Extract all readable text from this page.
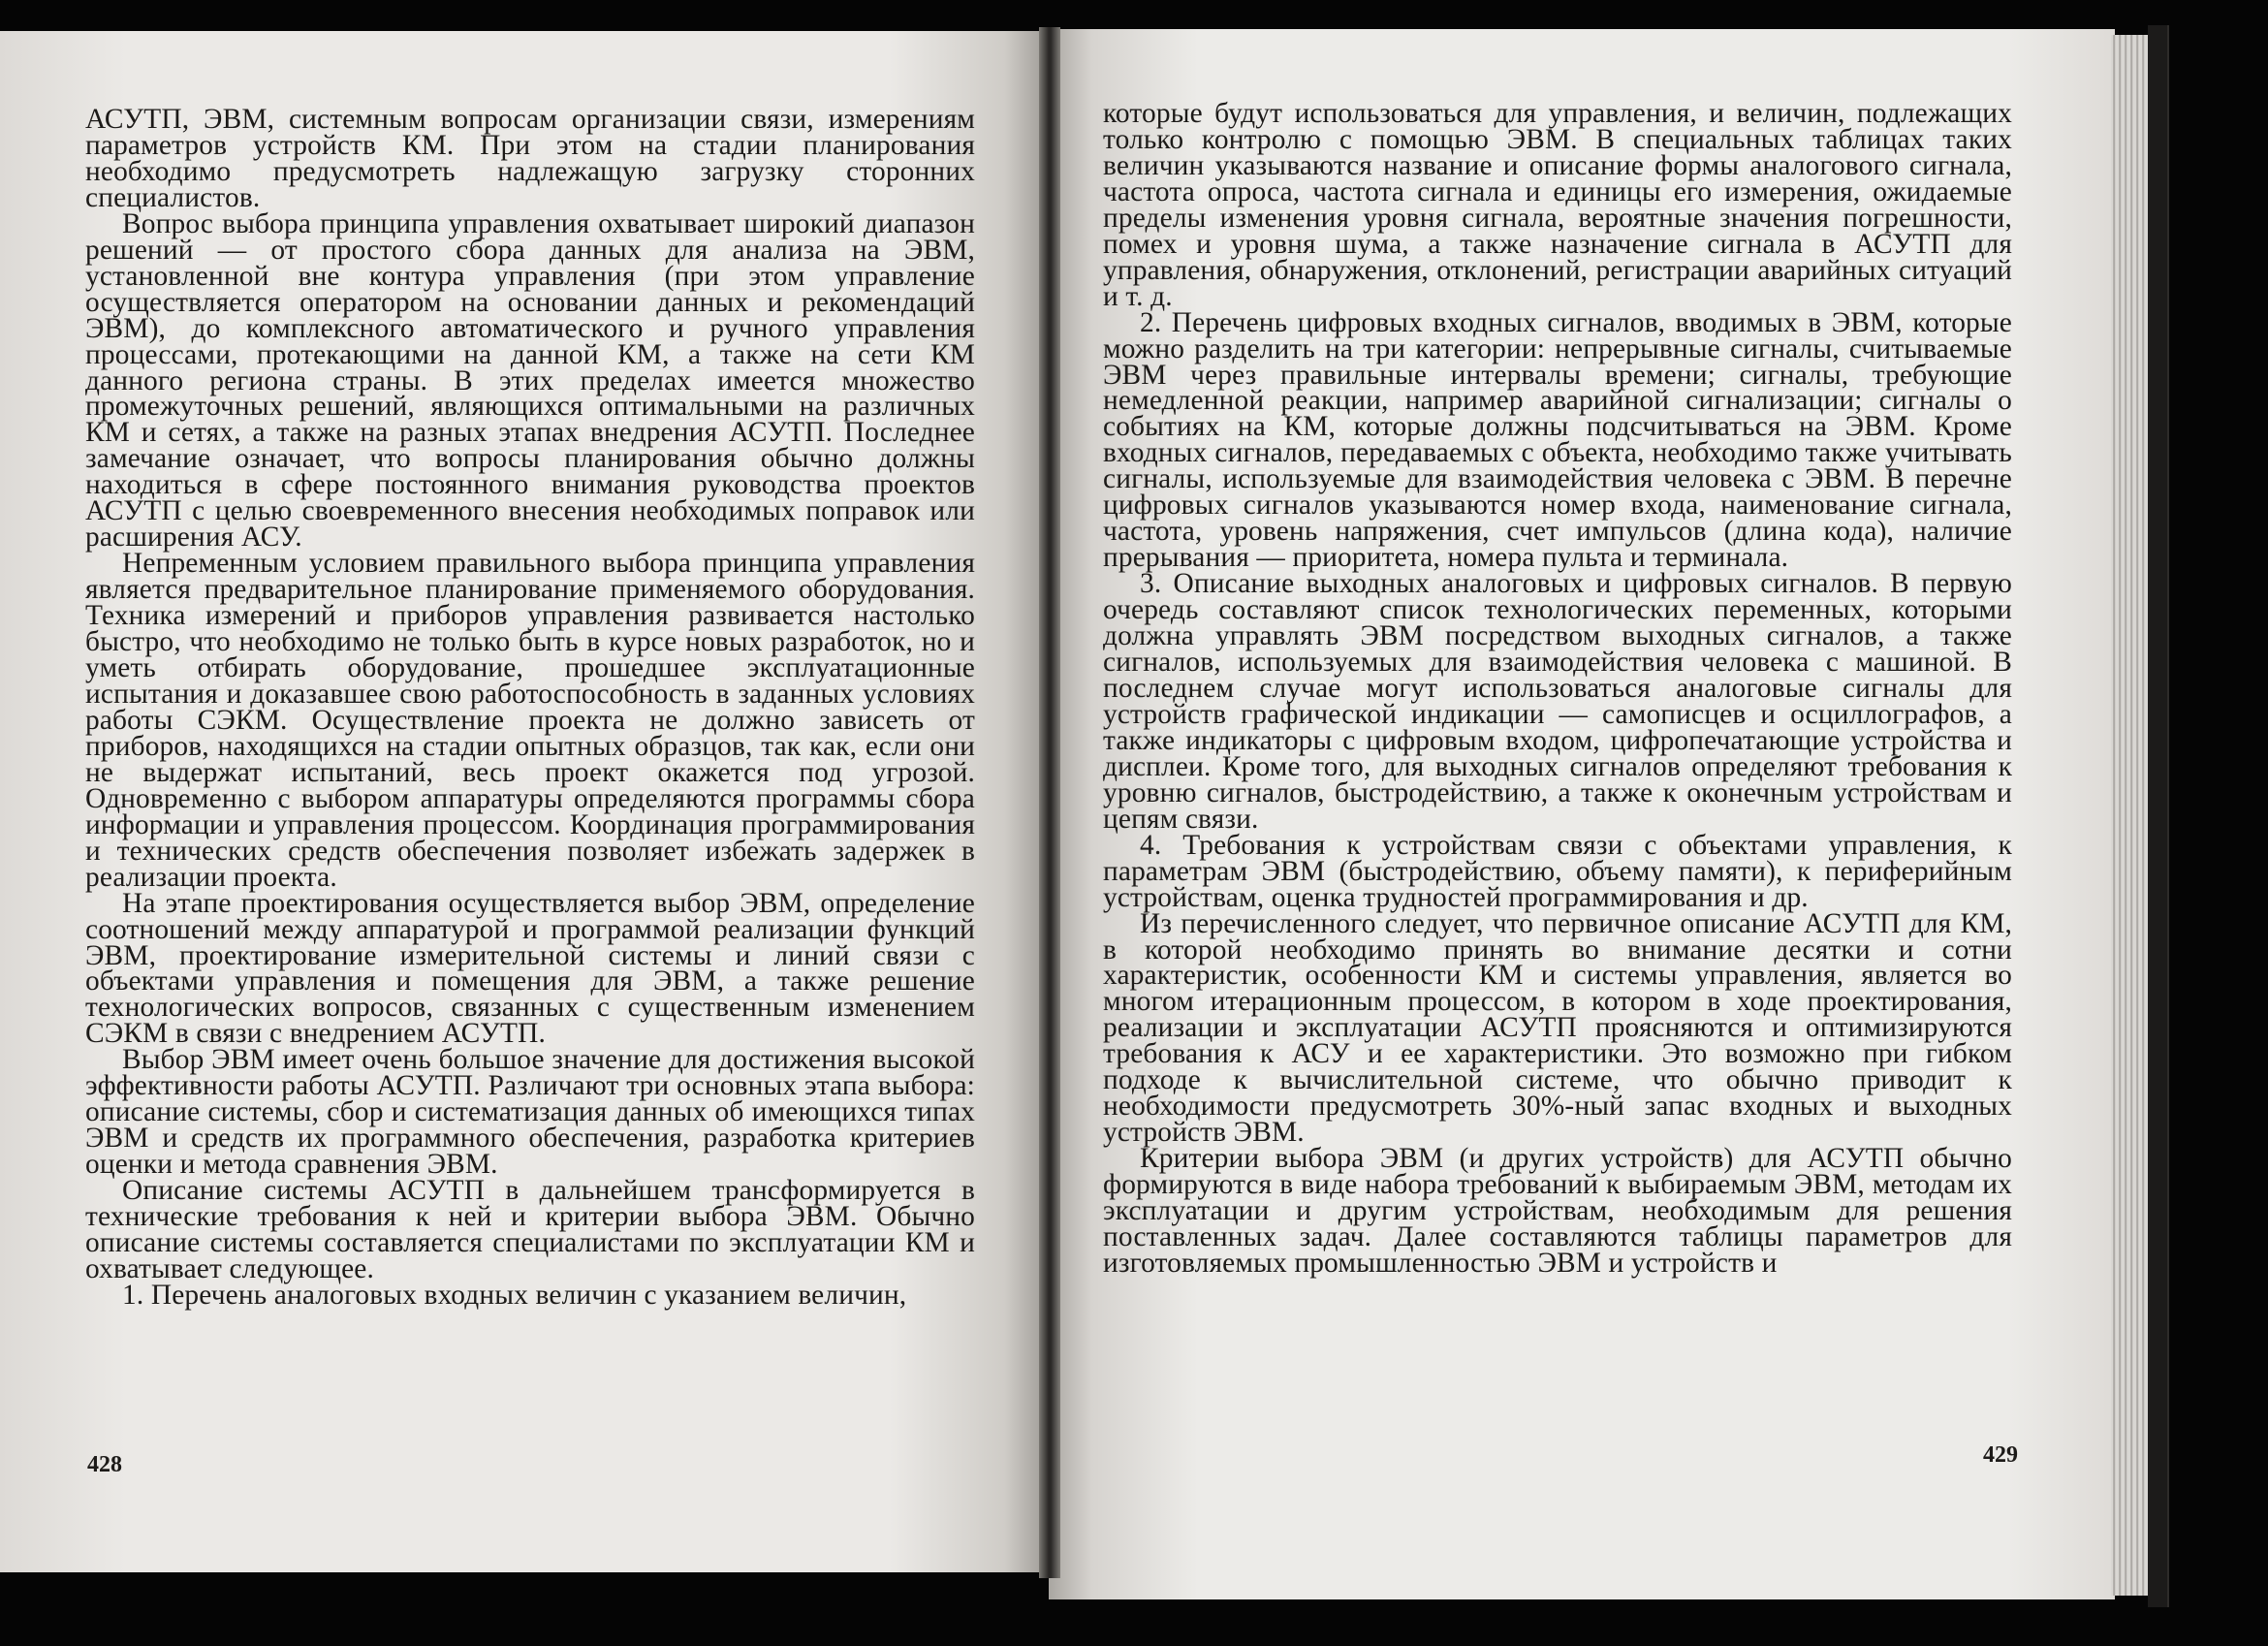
АСУТП, ЭВМ, системным вопросам организации связи, измерениям параметров устройств КМ. При этом на стадии планирования необходимо предусмотреть надлежащую загрузку сторонних специалистов.

Вопрос выбора принципа управления охватывает широкий диапазон решений — от простого сбора данных для анализа на ЭВМ, установленной вне контура управления (при этом управление осуществляется оператором на основании данных и рекомендаций ЭВМ), до комплексного автоматического и ручного управления процессами, протекающими на данной КМ, а также на сети КМ данного региона страны. В этих пределах имеется множество промежуточных решений, являющихся оптимальными на различных КМ и сетях, а также на разных этапах внедрения АСУТП. Последнее замечание означает, что вопросы планирования обычно должны находиться в сфере постоянного внимания руководства проектов АСУТП с целью своевременного внесения необходимых поправок или расширения АСУ.

Непременным условием правильного выбора принципа управления является предварительное планирование применяемого оборудования. Техника измерений и приборов управления развивается настолько быстро, что необходимо не только быть в курсе новых разработок, но и уметь отбирать оборудование, прошедшее эксплуатационные испытания и доказавшее свою работоспособность в заданных условиях работы СЭКМ. Осуществление проекта не должно зависеть от приборов, находящихся на стадии опытных образцов, так как, если они не выдержат испытаний, весь проект окажется под угрозой. Одновременно с выбором аппаратуры определяются программы сбора информации и управления процессом. Координация программирования и технических средств обеспечения позволяет избежать задержек в реализации проекта.

На этапе проектирования осуществляется выбор ЭВМ, определение соотношений между аппаратурой и программой реализации функций ЭВМ, проектирование измерительной системы и линий связи с объектами управления и помещения для ЭВМ, а также решение технологических вопросов, связанных с существенным изменением СЭКМ в связи с внедрением АСУТП.

Выбор ЭВМ имеет очень большое значение для достижения высокой эффективности работы АСУТП. Различают три основных этапа выбора: описание системы, сбор и систематизация данных об имеющихся типах ЭВМ и средств их программного обеспечения, разработка критериев оценки и метода сравнения ЭВМ.

Описание системы АСУТП в дальнейшем трансформируется в технические требования к ней и критерии выбора ЭВМ. Обычно описание системы составляется специалистами по эксплуатации КМ и охватывает следующее.

1. Перечень аналоговых входных величин с указанием величин,

428

которые будут использоваться для управления, и величин, подлежащих только контролю с помощью ЭВМ. В специальных таблицах таких величин указываются название и описание формы аналогового сигнала, частота опроса, частота сигнала и единицы его измерения, ожидаемые пределы изменения уровня сигнала, вероятные значения погрешности, помех и уровня шума, а также назначение сигнала в АСУТП для управления, обнаружения, отклонений, регистрации аварийных ситуаций и т. д.

2. Перечень цифровых входных сигналов, вводимых в ЭВМ, которые можно разделить на три категории: непрерывные сигналы, считываемые ЭВМ через правильные интервалы времени; сигналы, требующие немедленной реакции, например аварийной сигнализации; сигналы о событиях на КМ, которые должны подсчитываться на ЭВМ. Кроме входных сигналов, передаваемых с объекта, необходимо также учитывать сигналы, используемые для взаимодействия человека с ЭВМ. В перечне цифровых сигналов указываются номер входа, наименование сигнала, частота, уровень напряжения, счет импульсов (длина кода), наличие прерывания — приоритета, номера пульта и терминала.

3. Описание выходных аналоговых и цифровых сигналов. В первую очередь составляют список технологических переменных, которыми должна управлять ЭВМ посредством выходных сигналов, а также сигналов, используемых для взаимодействия человека с машиной. В последнем случае могут использоваться аналоговые сигналы для устройств графической индикации — самописцев и осциллографов, а также индикаторы с цифровым входом, цифропечатающие устройства и дисплеи. Кроме того, для выходных сигналов определяют требования к уровню сигналов, быстродействию, а также к оконечным устройствам и цепям связи.

4. Требования к устройствам связи с объектами управления, к параметрам ЭВМ (быстродействию, объему памяти), к периферийным устройствам, оценка трудностей программирования и др.

Из перечисленного следует, что первичное описание АСУТП для КМ, в которой необходимо принять во внимание десятки и сотни характеристик, особенности КМ и системы управления, является во многом итерационным процессом, в котором в ходе проектирования, реализации и эксплуатации АСУТП проясняются и оптимизируются требования к АСУ и ее характеристики. Это возможно при гибком подходе к вычислительной системе, что обычно приводит к необходимости предусмотреть 30%-ный запас входных и выходных устройств ЭВМ.

Критерии выбора ЭВМ (и других устройств) для АСУТП обычно формируются в виде набора требований к выбираемым ЭВМ, методам их эксплуатации и другим устройствам, необходимым для решения поставленных задач. Далее составляются таблицы параметров для изготовляемых промышленностью ЭВМ и устройств и

429
